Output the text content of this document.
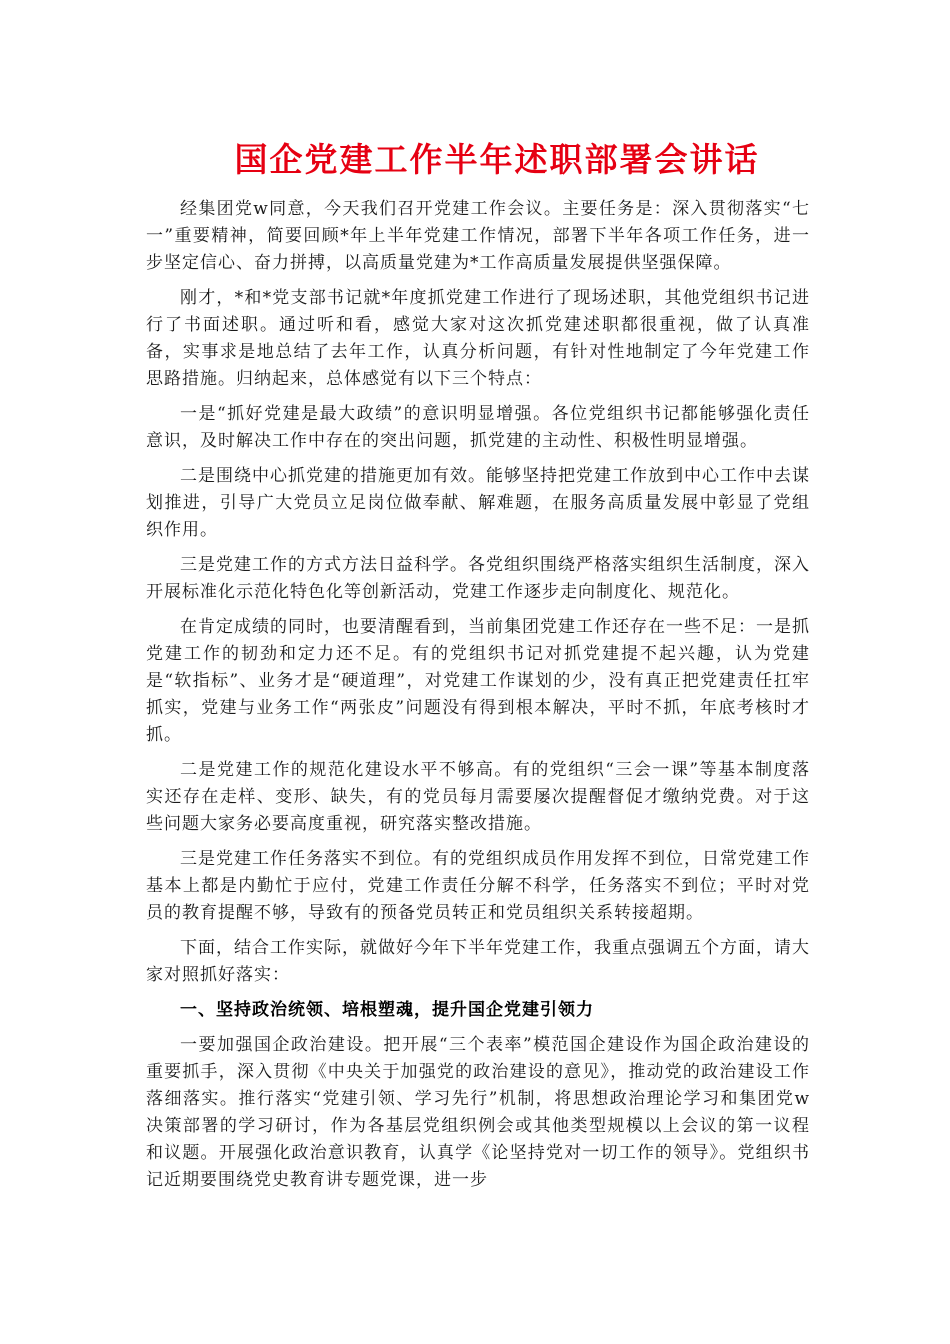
国企党建工作半年述职部署会讲话

经集团党w同意，今天我们召开党建工作会议。主要任务是：深入贯彻落实“七一”重要精神，简要回顾*年上半年党建工作情况，部署下半年各项工作任务，进一步坚定信心、奋力拼搏，以高质量党建为*工作高质量发展提供坚强保障。

刚才，*和*党支部书记就*年度抓党建工作进行了现场述职，其他党组织书记进行了书面述职。通过听和看，感觉大家对这次抓党建述职都很重视，做了认真准备，实事求是地总结了去年工作，认真分析问题，有针对性地制定了今年党建工作思路措施。归纳起来，总体感觉有以下三个特点：

一是“抓好党建是最大政绩”的意识明显增强。各位党组织书记都能够强化责任意识，及时解决工作中存在的突出问题，抓党建的主动性、积极性明显增强。

二是围绕中心抓党建的措施更加有效。能够坚持把党建工作放到中心工作中去谋划推进，引导广大党员立足岗位做奉献、解难题，在服务高质量发展中彰显了党组织作用。

三是党建工作的方式方法日益科学。各党组织围绕严格落实组织生活制度，深入开展标准化示范化特色化等创新活动，党建工作逐步走向制度化、规范化。

在肯定成绩的同时，也要清醒看到，当前集团党建工作还存在一些不足：一是抓党建工作的韧劲和定力还不足。有的党组织书记对抓党建提不起兴趣，认为党建是“软指标”、业务才是“硬道理”，对党建工作谋划的少，没有真正把党建责任扛牢抓实，党建与业务工作“两张皮”问题没有得到根本解决，平时不抓，年底考核时才抓。

二是党建工作的规范化建设水平不够高。有的党组织“三会一课”等基本制度落实还存在走样、变形、缺失，有的党员每月需要屡次提醒督促才缴纳党费。对于这些问题大家务必要高度重视，研究落实整改措施。

三是党建工作任务落实不到位。有的党组织成员作用发挥不到位，日常党建工作基本上都是内勤忙于应付，党建工作责任分解不科学，任务落实不到位；平时对党员的教育提醒不够，导致有的预备党员转正和党员组织关系转接超期。

下面，结合工作实际，就做好今年下半年党建工作，我重点强调五个方面，请大家对照抓好落实：

一、坚持政治统领、培根塑魂，提升国企党建引领力

一要加强国企政治建设。把开展“三个表率”模范国企建设作为国企政治建设的重要抓手，深入贯彻《中央关于加强党的政治建设的意见》，推动党的政治建设工作落细落实。推行落实“党建引领、学习先行”机制，将思想政治理论学习和集团党w决策部署的学习研讨，作为各基层党组织例会或其他类型规模以上会议的第一议程和议题。开展强化政治意识教育，认真学《论坚持党对一切工作的领导》。党组织书记近期要围绕党史教育讲专题党课，进一步
